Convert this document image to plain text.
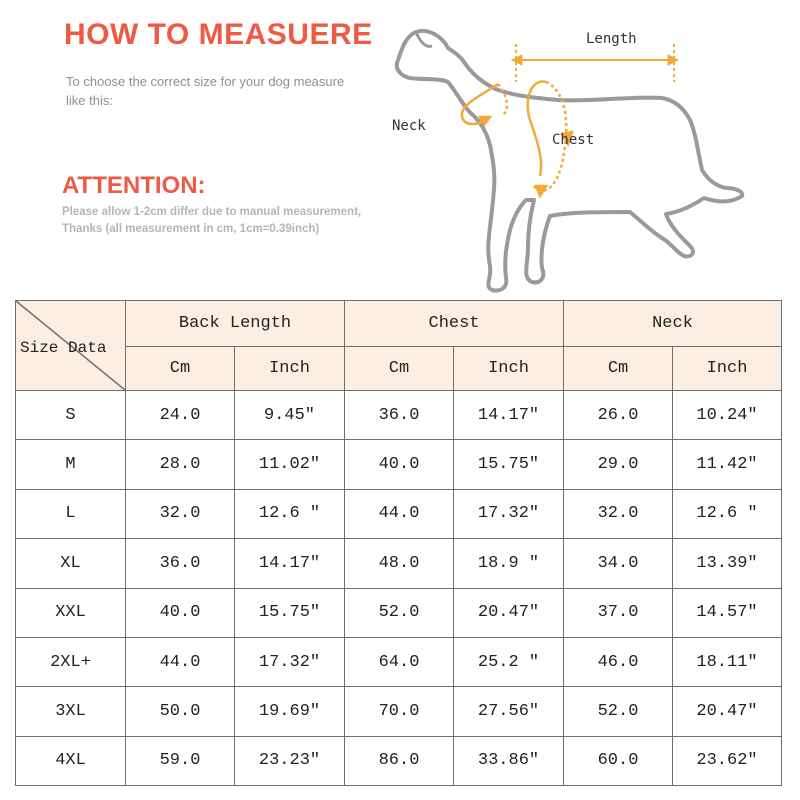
HOW TO MEASUERE
To choose the correct size for your dog measure like this:
ATTENTION:
Please allow 1-2cm differ due to manual measurement,
Thanks (all measurement in cm, 1cm=0.39inch)
Length
Neck
Chest
Size Data	Back Length		Chest		Neck	
	Cm	Inch	Cm	Inch	Cm	Inch
S	24.0	9.45″	36.0	14.17″	26.0	10.24″
M	28.0	11.02″	40.0	15.75″	29.0	11.42″
L	32.0	12.6 ″	44.0	17.32″	32.0	12.6 ″
XL	36.0	14.17″	48.0	18.9 ″	34.0	13.39″
XXL	40.0	15.75″	52.0	20.47″	37.0	14.57″
2XL+	44.0	17.32″	64.0	25.2 ″	46.0	18.11″
3XL	50.0	19.69″	70.0	27.56″	52.0	20.47″
4XL	59.0	23.23″	86.0	33.86″	60.0	23.62″
